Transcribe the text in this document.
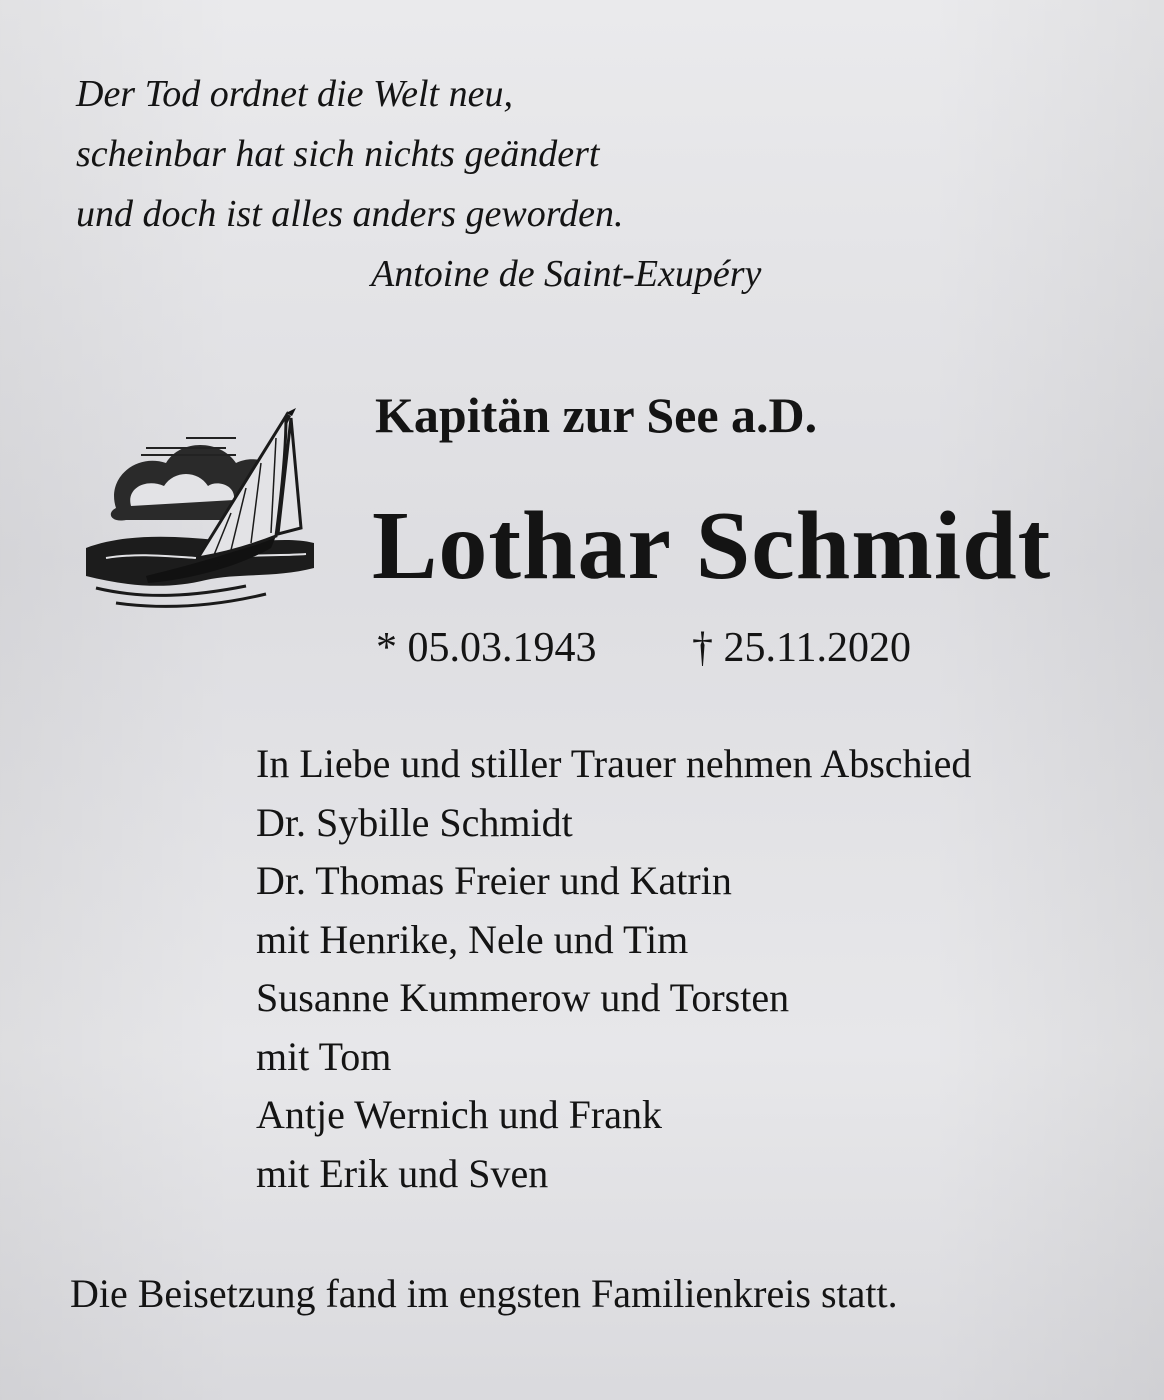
Der Tod ordnet die Welt neu,
scheinbar hat sich nichts geändert
und doch ist alles anders geworden.
Antoine de Saint-Exupéry
Kapitän zur See a.D.
Lothar Schmidt
* 05.03.1943 † 25.11.2020
In Liebe und stiller Trauer nehmen Abschied
Dr. Sybille Schmidt
Dr. Thomas Freier und Katrin
mit Henrike, Nele und Tim
Susanne Kummerow und Torsten
mit Tom
Antje Wernich und Frank
mit Erik und Sven
Die Beisetzung fand im engsten Familienkreis statt.
